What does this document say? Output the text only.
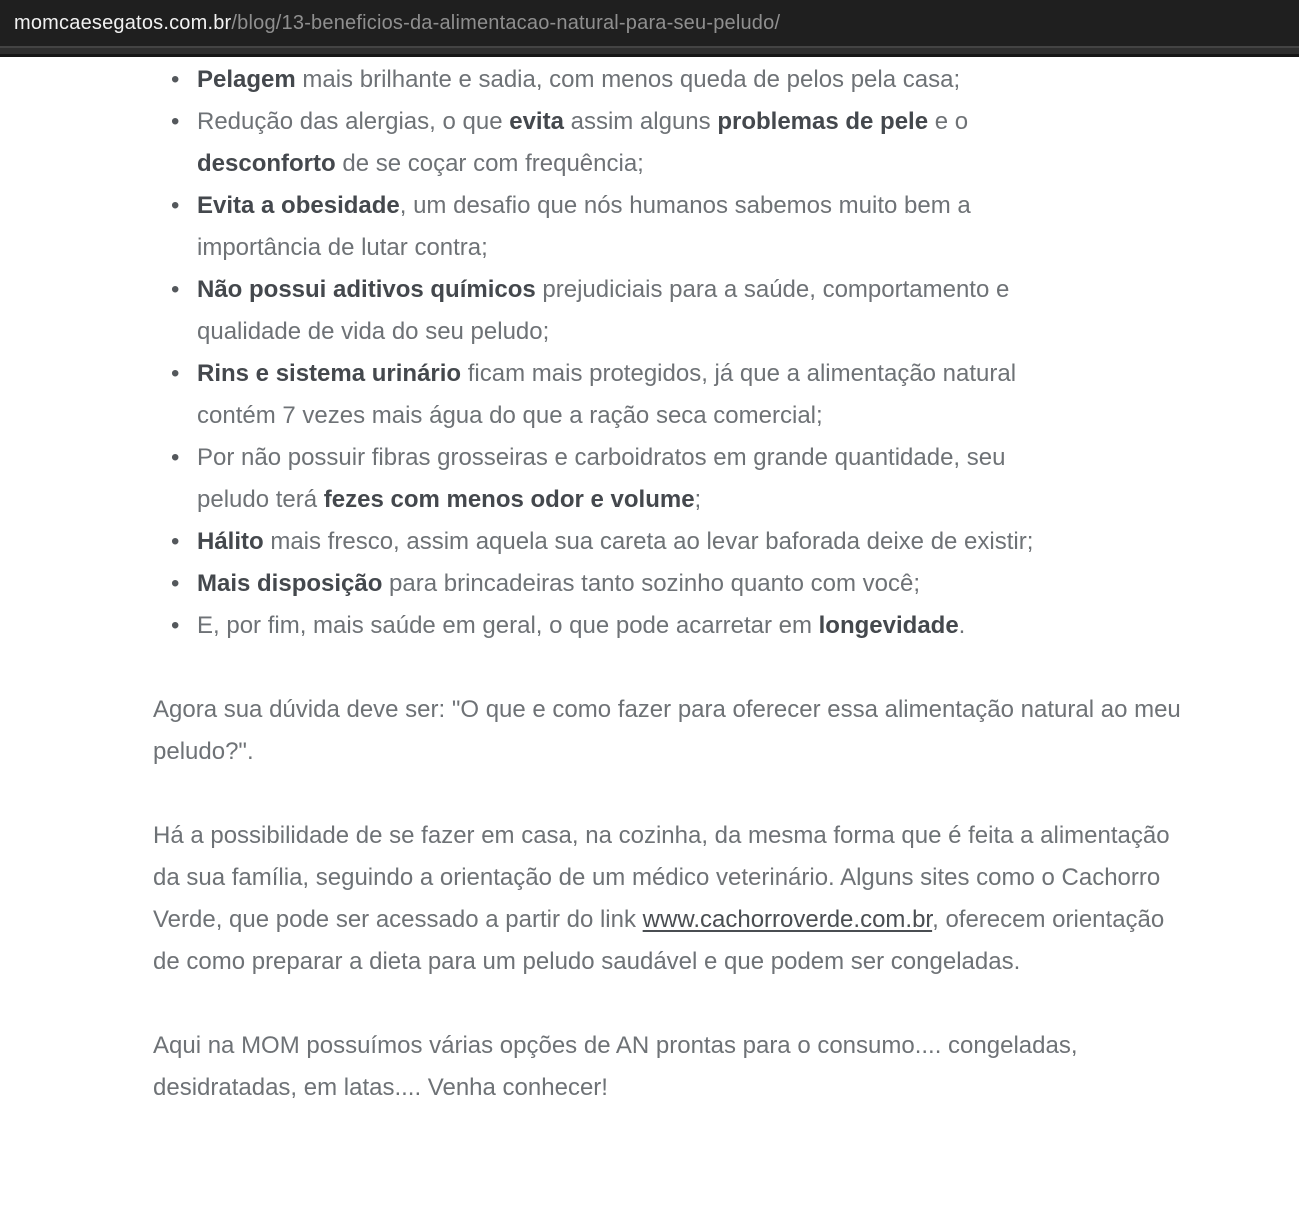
momcaesegatos.com.br /blog/13-beneficios-da-alimentacao-natural-para-seu-peludo/
• Pelagem mais brilhante e sadia, com menos queda de pelos pela casa;
• Redução das alergias, o que evita assim alguns problemas de pele e o desconforto de se coçar com frequência;
• Evita a obesidade, um desafio que nós humanos sabemos muito bem a importância de lutar contra;
• Não possui aditivos químicos prejudiciais para a saúde, comportamento e qualidade de vida do seu peludo;
• Rins e sistema urinário ficam mais protegidos, já que a alimentação natural contém 7 vezes mais água do que a ração seca comercial;
• Por não possuir fibras grosseiras e carboidratos em grande quantidade, seu peludo terá fezes com menos odor e volume;
• Hálito mais fresco, assim aquela sua careta ao levar baforada deixe de existir;
• Mais disposição para brincadeiras tanto sozinho quanto com você;
• E, por fim, mais saúde em geral, o que pode acarretar em longevidade.

Agora sua dúvida deve ser: "O que e como fazer para oferecer essa alimentação natural ao meu peludo?".

Há a possibilidade de se fazer em casa, na cozinha, da mesma forma que é feita a alimentação da sua família, seguindo a orientação de um médico veterinário. Alguns sites como o Cachorro Verde, que pode ser acessado a partir do link www.cachorroverde.com.br, oferecem orientação de como preparar a dieta para um peludo saudável e que podem ser congeladas.

Aqui na MOM possuímos várias opções de AN prontas para o consumo.... congeladas, desidratadas, em latas.... Venha conhecer!
